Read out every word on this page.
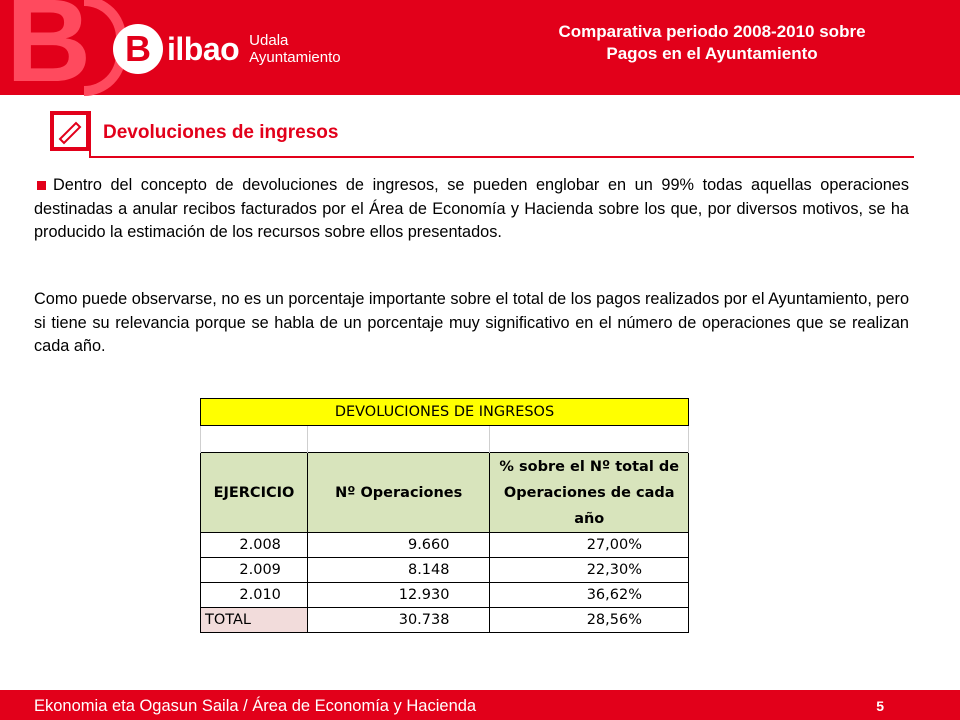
B	B ilbao Udala
Ayuntamiento
Comparativa periodo 2008-2010 sobre
Pagos en el Ayuntamiento
Devoluciones de ingresos
Dentro del concepto de devoluciones de ingresos, se pueden englobar en un 99% todas aquellas operaciones destinadas a anular recibos facturados por el Área de Economía y Hacienda sobre los que, por diversos motivos, se ha producido la estimación de los recursos sobre ellos presentados.
Como puede observarse, no es un porcentaje importante sobre el total de los pagos realizados por el Ayuntamiento, pero si tiene su relevancia porque se habla de un porcentaje muy significativo en el número de operaciones que se realizan cada año.
DEVOLUCIONES DE INGRESOS		

EJERCICIO	Nº Operaciones	% sobre el Nº total de Operaciones de cada año
2.008	9.660	27,00%
2.009	8.148	22,30%
2.010	12.930	36,62%
TOTAL	30.738	28,56%
Ekonomia eta Ogasun Saila / Área de Economía y Hacienda	5
